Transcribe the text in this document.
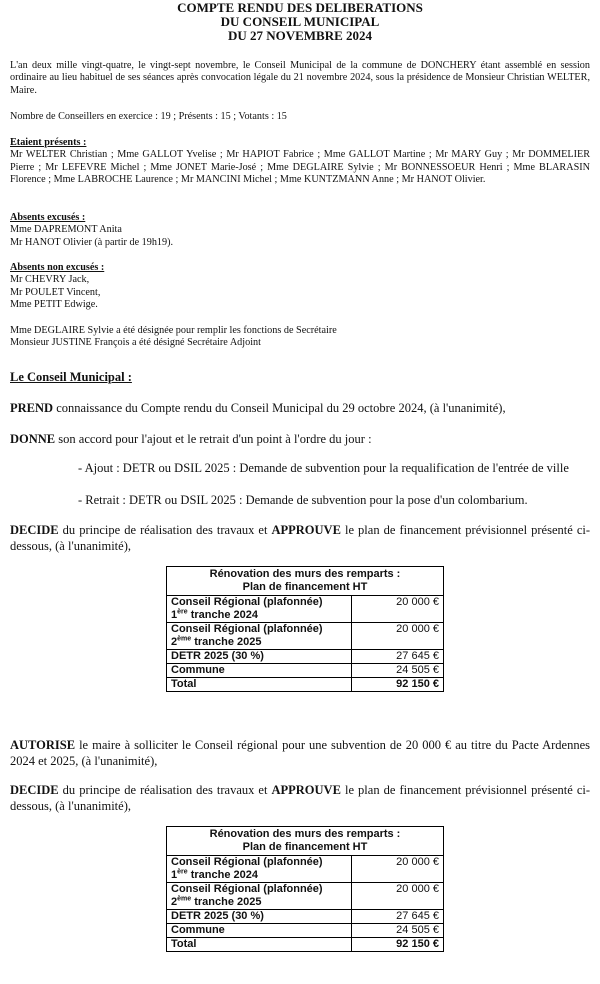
COMPTE RENDU DES DELIBERATIONS
DU CONSEIL MUNICIPAL
DU 27 NOVEMBRE 2024
L'an deux mille vingt-quatre, le vingt-sept novembre, le Conseil Municipal de la commune de DONCHERY étant assemblé en session ordinaire au lieu habituel de ses séances après convocation légale du 21 novembre 2024, sous la présidence de Monsieur Christian WELTER, Maire.
Nombre de Conseillers en exercice : 19 ; Présents : 15 ; Votants : 15
Etaient présents :
Mr WELTER Christian ; Mme GALLOT Yvelise ; Mr HAPIOT Fabrice ; Mme GALLOT Martine ; Mr MARY Guy ; Mr DOMMELIER Pierre ; Mr LEFEVRE Michel ; Mme JONET Marie-José ; Mme DEGLAIRE Sylvie ; Mr BONNESSOEUR Henri ; Mme BLARASIN Florence ; Mme LABROCHE Laurence ; Mr MANCINI Michel ; Mme KUNTZMANN Anne ; Mr HANOT Olivier.
Absents excusés :
Mme DAPREMONT Anita
Mr HANOT Olivier (à partir de 19h19).
Absents non excusés :
Mr CHEVRY Jack,
Mr POULET Vincent,
Mme PETIT Edwige.
Mme DEGLAIRE Sylvie a été désignée pour remplir les fonctions de Secrétaire
Monsieur JUSTINE François a été désigné Secrétaire Adjoint
Le Conseil Municipal :
PREND connaissance du Compte rendu du Conseil Municipal du 29 octobre 2024, (à l'unanimité),
DONNE son accord pour l'ajout et le retrait d'un point à l'ordre du jour :
- Ajout : DETR ou DSIL 2025 : Demande de subvention pour la requalification de l'entrée de ville
- Retrait : DETR ou DSIL 2025 : Demande de subvention pour la pose d'un colombarium.
DECIDE du principe de réalisation des travaux et APPROUVE le plan de financement prévisionnel présenté ci-dessous, (à l'unanimité),
Rénovation des murs des remparts :
Plan de financement HT	

Conseil Régional (plafonnée)
1ère tranche 2024	20 000 €

Conseil Régional (plafonnée)
2ème tranche 2025	20 000 €
DETR 2025 (30 %)	27 645 €
Commune	24 505 €
Total	92 150 €
AUTORISE le maire à solliciter le Conseil régional pour une subvention de 20 000 € au titre du Pacte Ardennes 2024 et 2025, (à l'unanimité),
DECIDE du principe de réalisation des travaux et APPROUVE le plan de financement prévisionnel présenté ci-dessous, (à l'unanimité),
Rénovation des murs des remparts :
Plan de financement HT	

Conseil Régional (plafonnée)
1ère tranche 2024	20 000 €

Conseil Régional (plafonnée)
2ème tranche 2025	20 000 €
DETR 2025 (30 %)	27 645 €
Commune	24 505 €
Total	92 150 €
